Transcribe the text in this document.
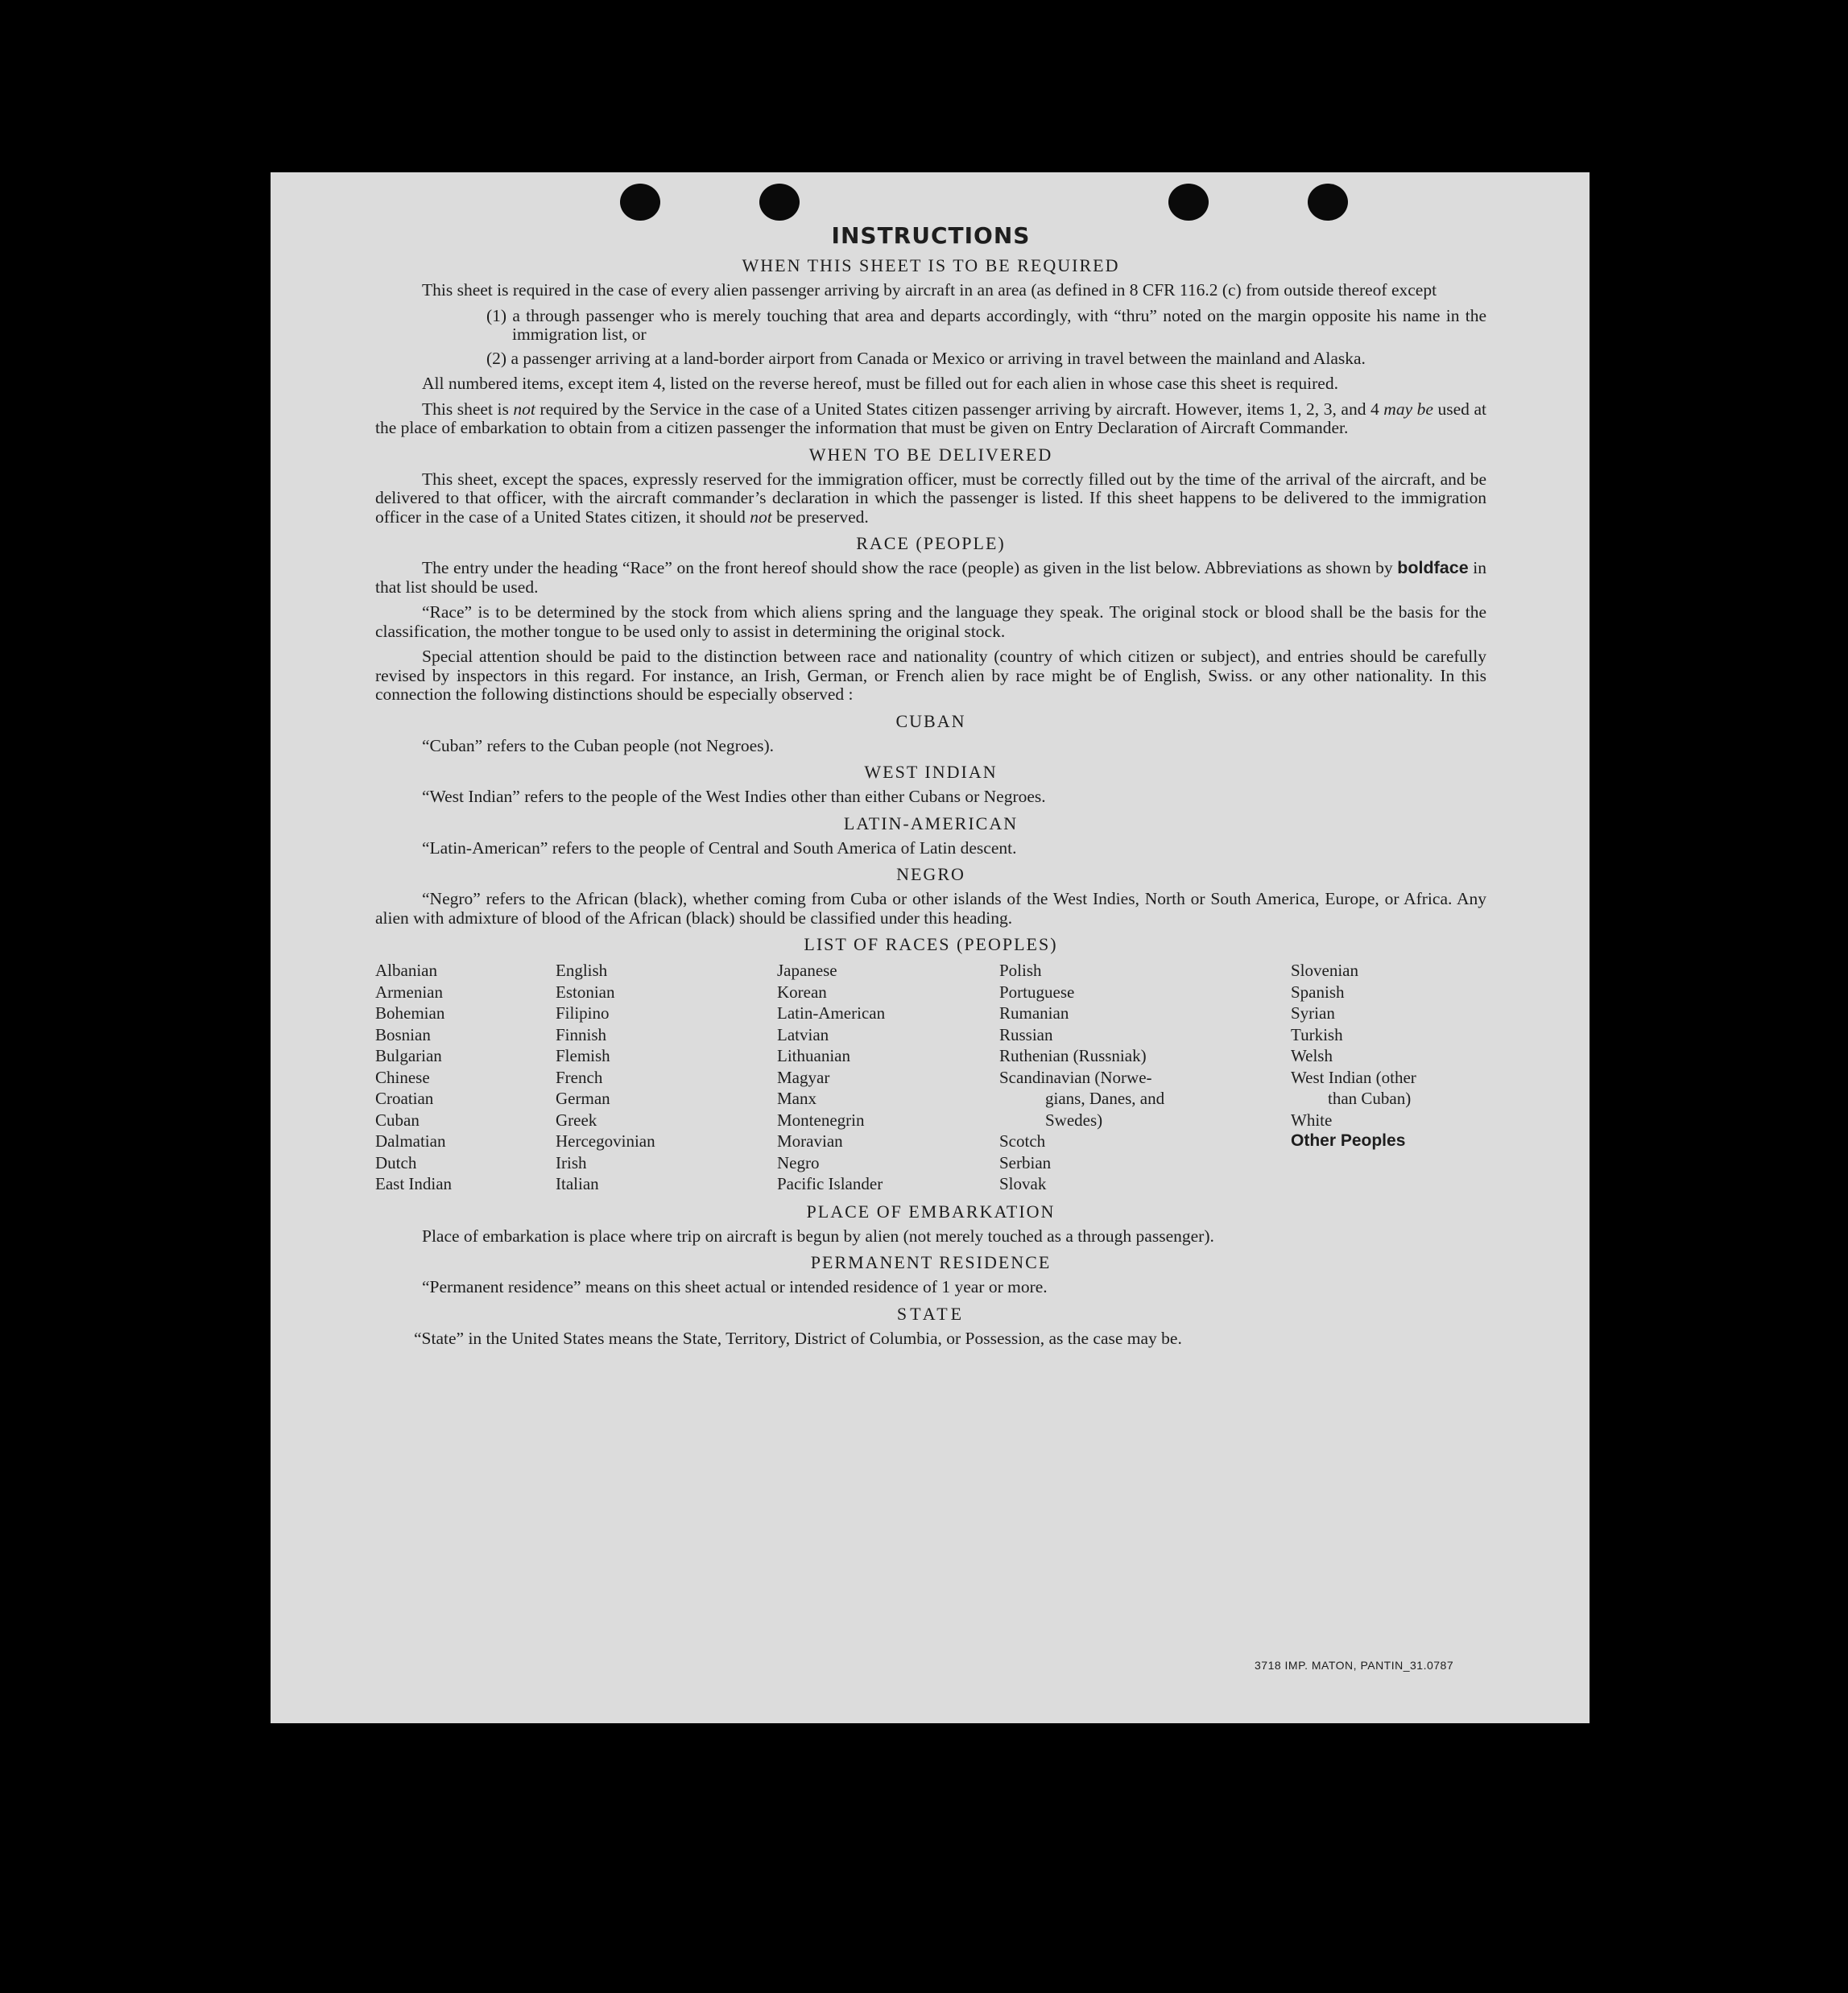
INSTRUCTIONS
WHEN THIS SHEET IS TO BE REQUIRED

This sheet is required in the case of every alien passenger arriving by aircraft in an area (as defined in 8 CFR 116.2 (c) from outside thereof except

(1) a through passenger who is merely touching that area and departs accordingly, with “thru” noted on the margin opposite his name in the immigration list, or

(2) a passenger arriving at a land-border airport from Canada or Mexico or arriving in travel between the mainland and Alaska.

All numbered items, except item 4, listed on the reverse hereof, must be filled out for each alien in whose case this sheet is required.

This sheet is not required by the Service in the case of a United States citizen passenger arriving by aircraft. However, items 1, 2, 3, and 4 may be used at the place of embarkation to obtain from a citizen passenger the information that must be given on Entry Declaration of Aircraft Commander.

WHEN TO BE DELIVERED

This sheet, except the spaces, expressly reserved for the immigration officer, must be correctly filled out by the time of the arrival of the aircraft, and be delivered to that officer, with the aircraft commander’s declaration in which the passenger is listed. If this sheet happens to be delivered to the immigration officer in the case of a United States citizen, it should not be preserved.

RACE (PEOPLE)

The entry under the heading “Race” on the front hereof should show the race (people) as given in the list below. Abbreviations as shown by boldface in that list should be used.

“Race” is to be determined by the stock from which aliens spring and the language they speak. The original stock or blood shall be the basis for the classification, the mother tongue to be used only to assist in determining the original stock.

Special attention should be paid to the distinction between race and nationality (country of which citizen or subject), and entries should be carefully revised by inspectors in this regard. For instance, an Irish, German, or French alien by race might be of English, Swiss. or any other nationality. In this connection the following distinctions should be especially observed :

CUBAN

“Cuban” refers to the Cuban people (not Negroes).

WEST INDIAN

“West Indian” refers to the people of the West Indies other than either Cubans or Negroes.

LATIN-AMERICAN

“Latin-American” refers to the people of Central and South America of Latin descent.

NEGRO

“Negro” refers to the African (black), whether coming from Cuba or other islands of the West Indies, North or South America, Europe, or Africa. Any alien with admixture of blood of the African (black) should be classified under this heading.

LIST OF RACES (PEOPLES)
Albanian
Armenian
Bohemian
Bosnian
Bulgarian
Chinese
Croatian
Cuban
Dalmatian
Dutch
East Indian
English
Estonian
Filipino
Finnish
Flemish
French
German
Greek
Hercegovinian
Irish
Italian
Japanese
Korean
Latin-American
Latvian
Lithuanian
Magyar
Manx
Montenegrin
Moravian
Negro
Pacific Islander
Polish
Portuguese
Rumanian
Russian
Ruthenian (Russniak)
Scandinavian (Norwe-
gians, Danes, and
Swedes)
Scotch
Serbian
Slovak
Slovenian
Spanish
Syrian
Turkish
Welsh
West Indian (other
than Cuban)
White
Other Peoples
PLACE OF EMBARKATION

Place of embarkation is place where trip on aircraft is begun by alien (not merely touched as a through passenger).

PERMANENT RESIDENCE

“Permanent residence” means on this sheet actual or intended residence of 1 year or more.

STATE

“State” in the United States means the State, Territory, District of Columbia, or Possession, as the case may be.

3718 IMP. MATON, PANTIN_31.0787
